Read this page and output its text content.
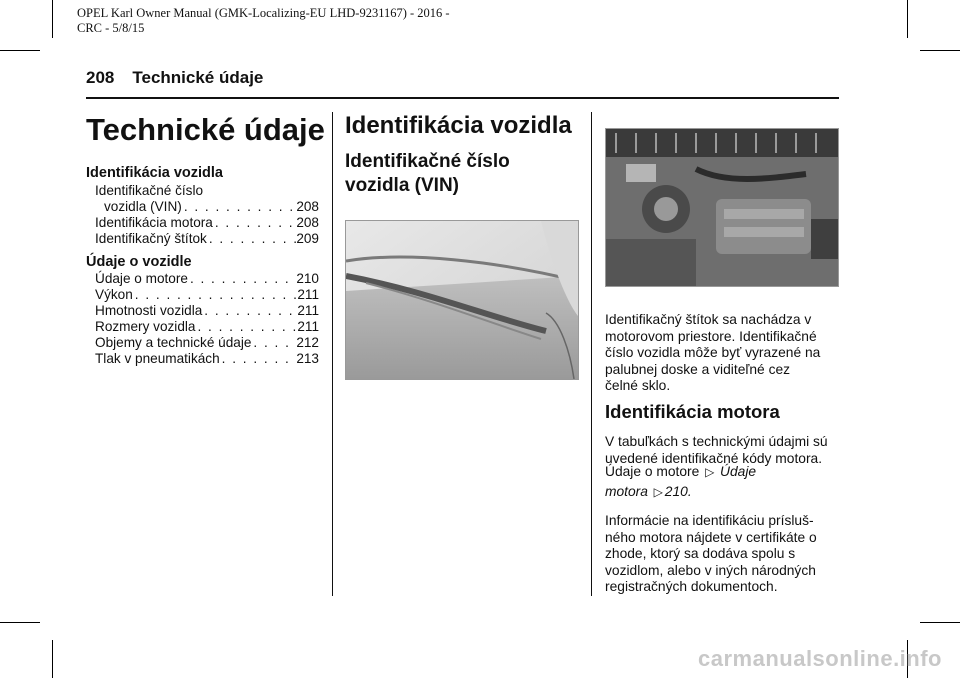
OPEL Karl Owner Manual (GMK-Localizing-EU LHD-9231167) - 2016 -
CRC - 5/8/15
208 Technické údaje
Technické údaje
Identifikácia vozidla
Identifikačné číslo
vozidla (VIN) . . .	208
Identifikácia motora . . .	208
Identifikačný štítok . . .	209
Údaje o vozidle
Údaje o motore . . .	210
Výkon . . .	211
Hmotnosti vozidla . . .	211
Rozmery vozidla . . .	211
Objemy a technické údaje . . .	212
Tlak v pneumatikách . . .	213
Identifikácia vozidla
Identifikačné číslo
vozidla (VIN)
Identifikačný štítok sa nachádza v
motorovom priestore. Identifikačné
číslo vozidla môže byť vyrazené na
palubnej doske a viditeľné cez
čelné sklo.
Identifikácia motora
V tabuľkách s technickými údajmi sú
uvedené identifikačné kódy motora.
Údaje o motore ▷ Údaje
motora ▷ 210.
Informácie na identifikáciu prísluš-
ného motora nájdete v certifikáte o
zhode, ktorý sa dodáva spolu s
vozidlom, alebo v iných národných
registračných dokumentoch.
carmanualsonline.info
